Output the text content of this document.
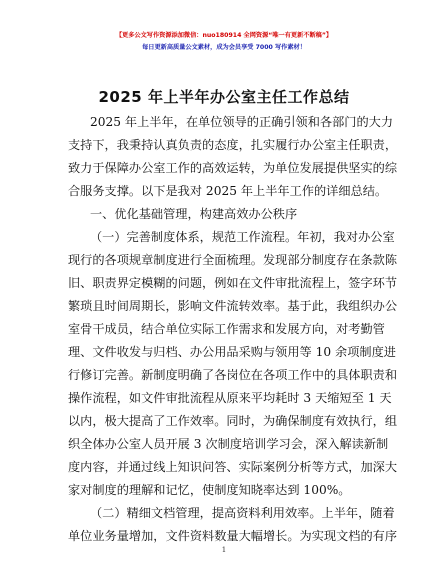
【更多公文写作资源添加微信：nuo180914 全网资源“唯一有更新不断稿”】
每日更新高质量公文素材，成为会员享受 7000 写作素材！
2025 年上半年办公室主任工作总结
2025 年上半年，在单位领导的正确引领和各部门的大力
支持下，我秉持认真负责的态度，扎实履行办公室主任职责，
致力于保障办公室工作的高效运转，为单位发展提供坚实的综
合服务支撑。以下是我对 2025 年上半年工作的详细总结。
一、优化基础管理，构建高效办公秩序
（一）完善制度体系，规范工作流程。年初，我对办公室
现行的各项规章制度进行全面梳理。发现部分制度存在条款陈
旧、职责界定模糊的问题，例如在文件审批流程上，签字环节
繁琐且时间周期长，影响文件流转效率。基于此，我组织办公
室骨干成员，结合单位实际工作需求和发展方向，对考勤管
理、文件收发与归档、办公用品采购与领用等 10 余项制度进
行修订完善。新制度明确了各岗位在各项工作中的具体职责和
操作流程，如文件审批流程从原来平均耗时 3 天缩短至 1 天
以内，极大提高了工作效率。同时，为确保制度有效执行，组
织全体办公室人员开展 3 次制度培训学习会，深入解读新制
度内容，并通过线上知识问答、实际案例分析等方式，加深大
家对制度的理解和记忆，使制度知晓率达到 100%。
（二）精细文档管理，提高资料利用效率。上半年，随着
单位业务量增加，文件资料数量大幅增长。为实现文档的有序
1
